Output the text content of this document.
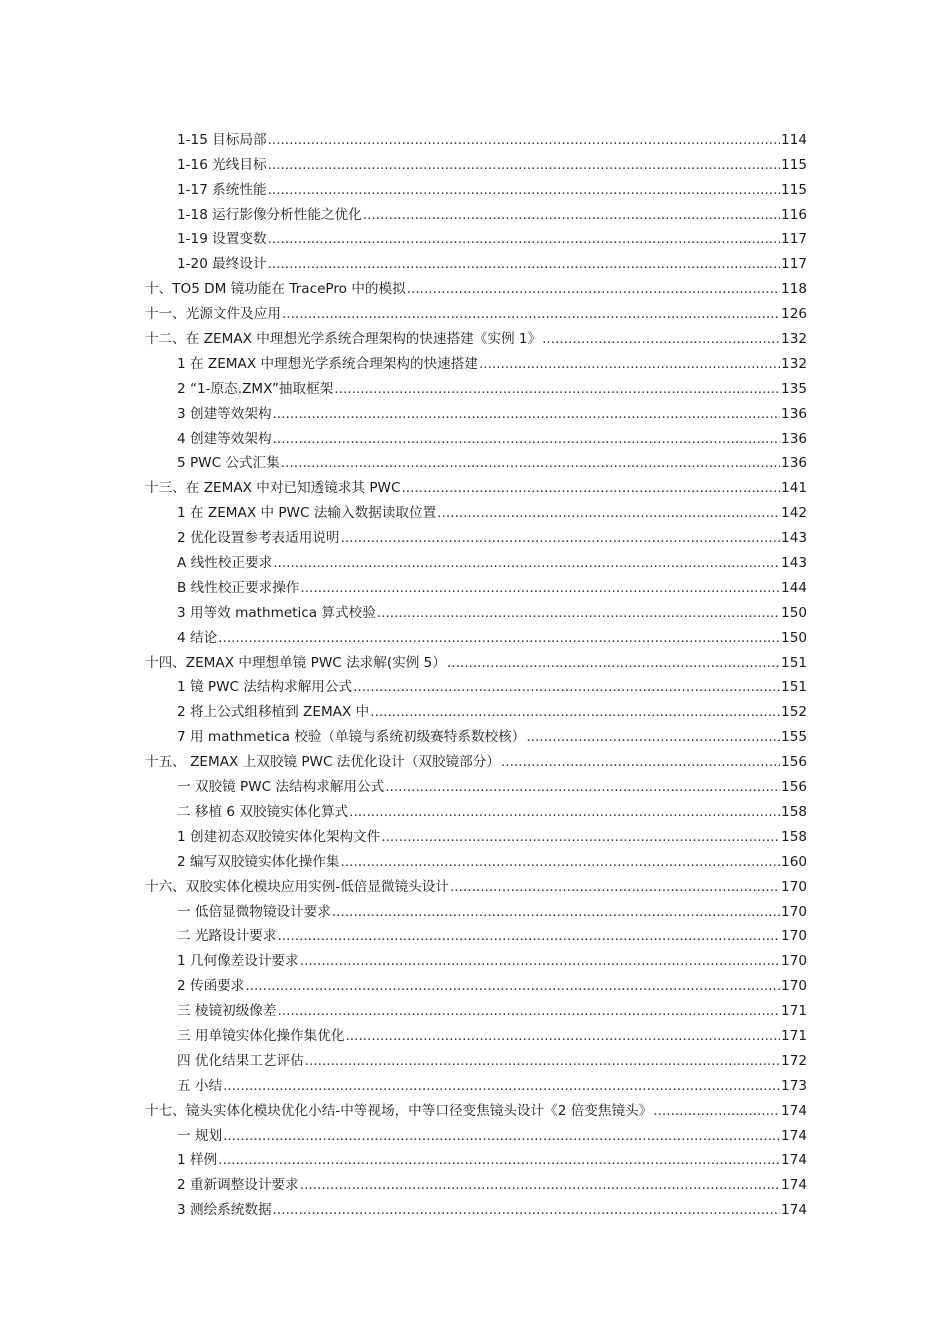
1-15 目标局部 .....	114
1-16 光线目标 .....	115
1-17 系统性能 .....	115
1-18 运行影像分析性能之优化 .....	116
1-19 设置变数 .....	117
1-20 最终设计 .....	117
十、TO5 DM 镜功能在 TracePro 中的模拟 .....	118
十一、光源文件及应用 .....	126
十二、在 ZEMAX 中理想光学系统合理架构的快速搭建《实例 1》 .....	132
1 在 ZEMAX 中理想光学系统合理架构的快速搭建 .....	132
2 “1-原态.ZMX”抽取框架 .....	135
3 创建等效架构 .....	136
4 创建等效架构 .....	136
5 PWC 公式汇集 .....	136
十三、在 ZEMAX 中对已知透镜求其 PWC .....	141
1 在 ZEMAX 中 PWC 法输入数据读取位置 .....	142
2 优化设置参考表适用说明 .....	143
A 线性校正要求 .....	143
B 线性校正要求操作 .....	144
3 用等效 mathmetica 算式校验 .....	150
4 结论 .....	150
十四、ZEMAX 中理想单镜 PWC 法求解(实例 5） .....	151
1 镜 PWC 法结构求解用公式 .....	151
2 将上公式组移植到 ZEMAX 中 .....	152
7 用 mathmetica 校验（单镜与系统初级赛特系数校核） .....	155
十五、 ZEMAX 上双胶镜 PWC 法优化设计（双胶镜部分） .....	156
一 双胶镜 PWC 法结构求解用公式 .....	156
二 移植 6 双胶镜实体化算式 .....	158
1 创建初态双胶镜实体化架构文件 .....	158
2 编写双胶镜实体化操作集 .....	160
十六、双胶实体化模块应用实例-低倍显微镜头设计 .....	170
一 低倍显微物镜设计要求 .....	170
二 光路设计要求 .....	170
1 几何像差设计要求 .....	170
2 传函要求 .....	170
三 棱镜初级像差 .....	171
三 用单镜实体化操作集优化 .....	171
四 优化结果工艺评估 .....	172
五 小结 .....	173
十七、镜头实体化模块优化小结-中等视场，中等口径变焦镜头设计《2 倍变焦镜头》 .....	174
一 规划 .....	174
1 样例 .....	174
2 重新调整设计要求 .....	174
3 测绘系统数据 .....	174
